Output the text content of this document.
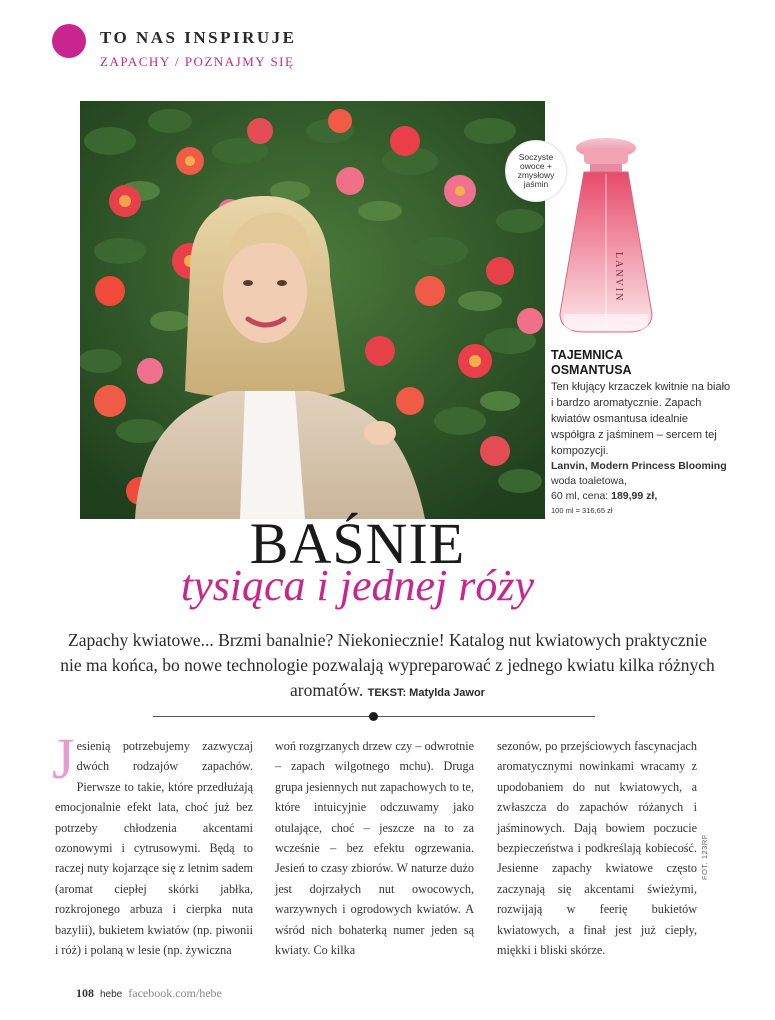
TO NAS INSPIRUJE
ZAPACHY / POZNAJMY SIĘ
LANVIN
Soczyste owoce + zmysłowy jaśmin
TAJEMNICA
OSMANTUSA
Ten kłujący krzaczek kwitnie na biało i bardzo aromatycznie. Zapach kwiatów osmantusa idealnie współgra z jaśminem – sercem tej kompozycji.
Lanvin, Modern Princess Blooming woda toaletowa,
60 ml, cena: 189,99 zł,
100 ml = 316,65 zł
BAŚNIE
tysiąca i jednej róży
Zapachy kwiatowe... Brzmi banalnie? Niekoniecznie! Katalog nut kwiatowych praktycznie nie ma końca, bo nowe technologie pozwalają wypreparować z jednego kwiatu kilka różnych aromatów. TEKST: Matylda Jawor
Jesienią potrzebujemy zazwyczaj dwóch rodzajów zapachów. Pierwsze to takie, które przedłużają emocjonalnie efekt lata, choć już bez potrzeby chłodzenia akcentami ozonowymi i cytrusowymi. Będą to raczej nuty kojarzące się z letnim sadem (aromat ciepłej skórki jabłka, rozkrojonego arbuza i cierpka nuta bazylii), bukietem kwiatów (np. piwonii i róż) i polaną w lesie (np. żywiczna
woń rozgrzanych drzew czy – odwrotnie – zapach wilgotnego mchu). Druga grupa jesiennych nut zapachowych to te, które intuicyjnie odczuwamy jako otulające, choć – jeszcze na to za wcześnie – bez efektu ogrzewania. Jesień to czasy zbiorów. W naturze dużo jest dojrzałych nut owocowych, warzywnych i ogrodowych kwiatów. A wśród nich bohaterką numer jeden są kwiaty. Co kilka
sezonów, po przejściowych fascynacjach aromatycznymi nowinkami wracamy z upodobaniem do nut kwiatowych, a zwłaszcza do zapachów różanych i jaśminowych. Dają bowiem poczucie bezpieczeństwa i podkreślają kobiecość. Jesienne zapachy kwiatowe często zaczynają się akcentami świeżymi, rozwijają w feerię bukietów kwiatowych, a finał jest już ciepły, miękki i bliski skórze.
FOT. 123RF
108 hebe facebook.com/hebe
